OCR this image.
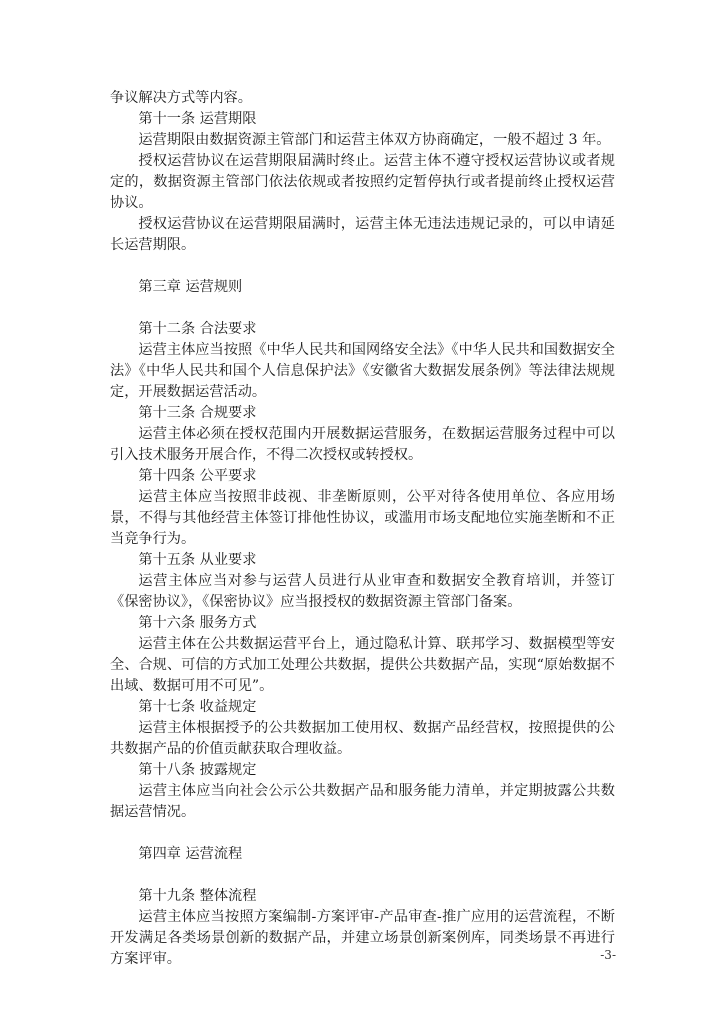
争议解决方式等内容。

第十一条 运营期限

运营期限由数据资源主管部门和运营主体双方协商确定，一般不超过 3 年。

授权运营协议在运营期限届满时终止。运营主体不遵守授权运营协议或者规定的，数据资源主管部门依法依规或者按照约定暂停执行或者提前终止授权运营协议。

授权运营协议在运营期限届满时，运营主体无违法违规记录的，可以申请延长运营期限。

第三章 运营规则

第十二条 合法要求

运营主体应当按照《中华人民共和国网络安全法》《中华人民共和国数据安全法》《中华人民共和国个人信息保护法》《安徽省大数据发展条例》等法律法规规定，开展数据运营活动。

第十三条 合规要求

运营主体必须在授权范围内开展数据运营服务，在数据运营服务过程中可以引入技术服务开展合作，不得二次授权或转授权。

第十四条 公平要求

运营主体应当按照非歧视、非垄断原则，公平对待各使用单位、各应用场景，不得与其他经营主体签订排他性协议，或滥用市场支配地位实施垄断和不正当竞争行为。

第十五条 从业要求

运营主体应当对参与运营人员进行从业审查和数据安全教育培训，并签订《保密协议》，《保密协议》应当报授权的数据资源主管部门备案。

第十六条 服务方式

运营主体在公共数据运营平台上，通过隐私计算、联邦学习、数据模型等安全、合规、可信的方式加工处理公共数据，提供公共数据产品，实现“原始数据不出域、数据可用不可见”。

第十七条 收益规定

运营主体根据授予的公共数据加工使用权、数据产品经营权，按照提供的公共数据产品的价值贡献获取合理收益。

第十八条 披露规定

运营主体应当向社会公示公共数据产品和服务能力清单，并定期披露公共数据运营情况。

第四章 运营流程

第十九条 整体流程

运营主体应当按照方案编制-方案评审-产品审查-推广应用的运营流程，不断开发满足各类场景创新的数据产品，并建立场景创新案例库，同类场景不再进行方案评审。	-3-
